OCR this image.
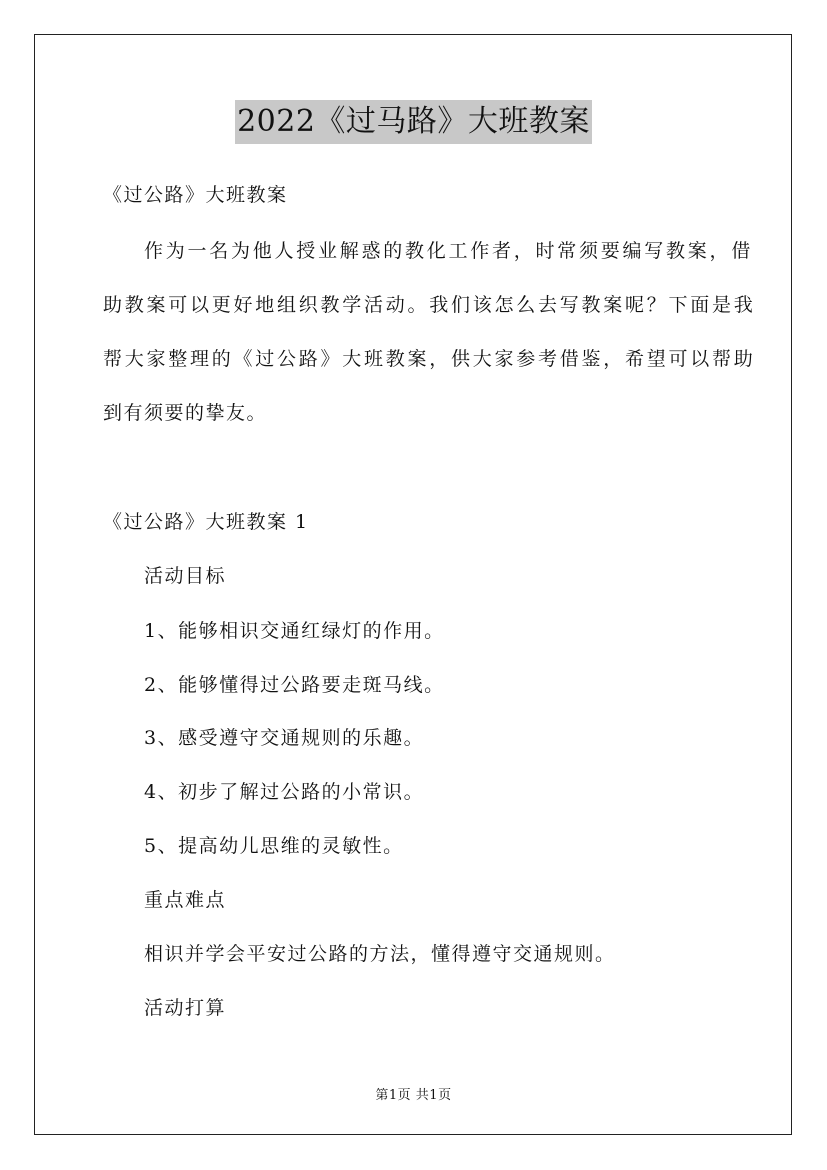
2022《过马路》大班教案
《过公路》大班教案
作为一名为他人授业解惑的教化工作者，时常须要编写教案，借
助教案可以更好地组织教学活动。我们该怎么去写教案呢？下面是我
帮大家整理的《过公路》大班教案，供大家参考借鉴，希望可以帮助
到有须要的挚友。
《过公路》大班教案 1
活动目标
1、能够相识交通红绿灯的作用。
2、能够懂得过公路要走斑马线。
3、感受遵守交通规则的乐趣。
4、初步了解过公路的小常识。
5、提高幼儿思维的灵敏性。
重点难点
相识并学会平安过公路的方法，懂得遵守交通规则。
活动打算
第1页 共1页
